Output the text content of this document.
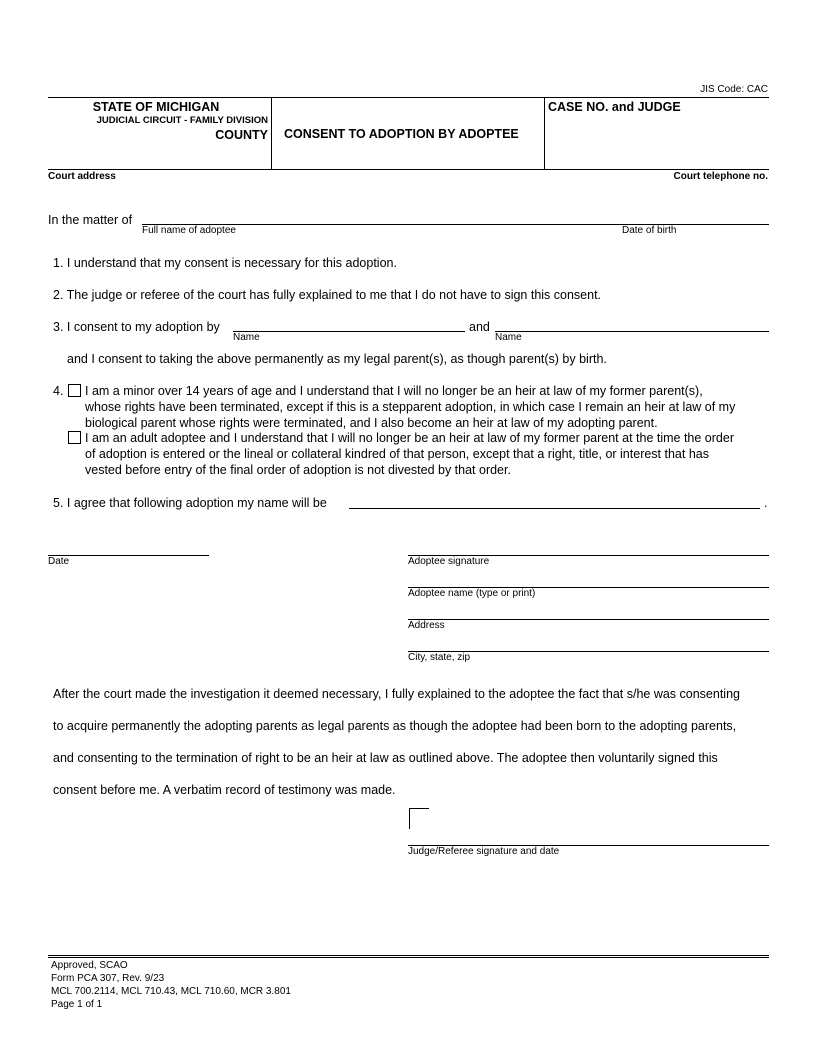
JIS Code: CAC
STATE OF MICHIGAN
JUDICIAL CIRCUIT - FAMILY DIVISION
COUNTY CONSENT TO ADOPTION BY ADOPTEE
CASE NO. and JUDGE
Court address	Court telephone no.
In the matter of
Full name of adoptee	Date of birth
1. I understand that my consent is necessary for this adoption.
2. The judge or referee of the court has fully explained to me that I do not have to sign this consent.
3. I consent to my adoption by	and
Name	Name
and I consent to taking the above permanently as my legal parent(s), as though parent(s) by birth.
4. I am a minor over 14 years of age and I understand that I will no longer be an heir at law of my former parent(s),
whose rights have been terminated, except if this is a stepparent adoption, in which case I remain an heir at law of my
biological parent whose rights were terminated, and I also become an heir at law of my adopting parent.
I am an adult adoptee and I understand that I will no longer be an heir at law of my former parent at the time the order
of adoption is entered or the lineal or collateral kindred of that person, except that a right, title, or interest that has
vested before entry of the final order of adoption is not divested by that order.
5. I agree that following adoption my name will be	.
Date	Adoptee signature
Adoptee name (type or print)
Address
City, state, zip
After the court made the investigation it deemed necessary, I fully explained to the adoptee the fact that s/he was consenting
to acquire permanently the adopting parents as legal parents as though the adoptee had been born to the adopting parents,
and consenting to the termination of right to be an heir at law as outlined above. The adoptee then voluntarily signed this
consent before me. A verbatim record of testimony was made.
Judge/Referee signature and date
Approved, SCAO
Form PCA 307, Rev. 9/23
MCL 700.2114, MCL 710.43, MCL 710.60, MCR 3.801
Page 1 of 1
